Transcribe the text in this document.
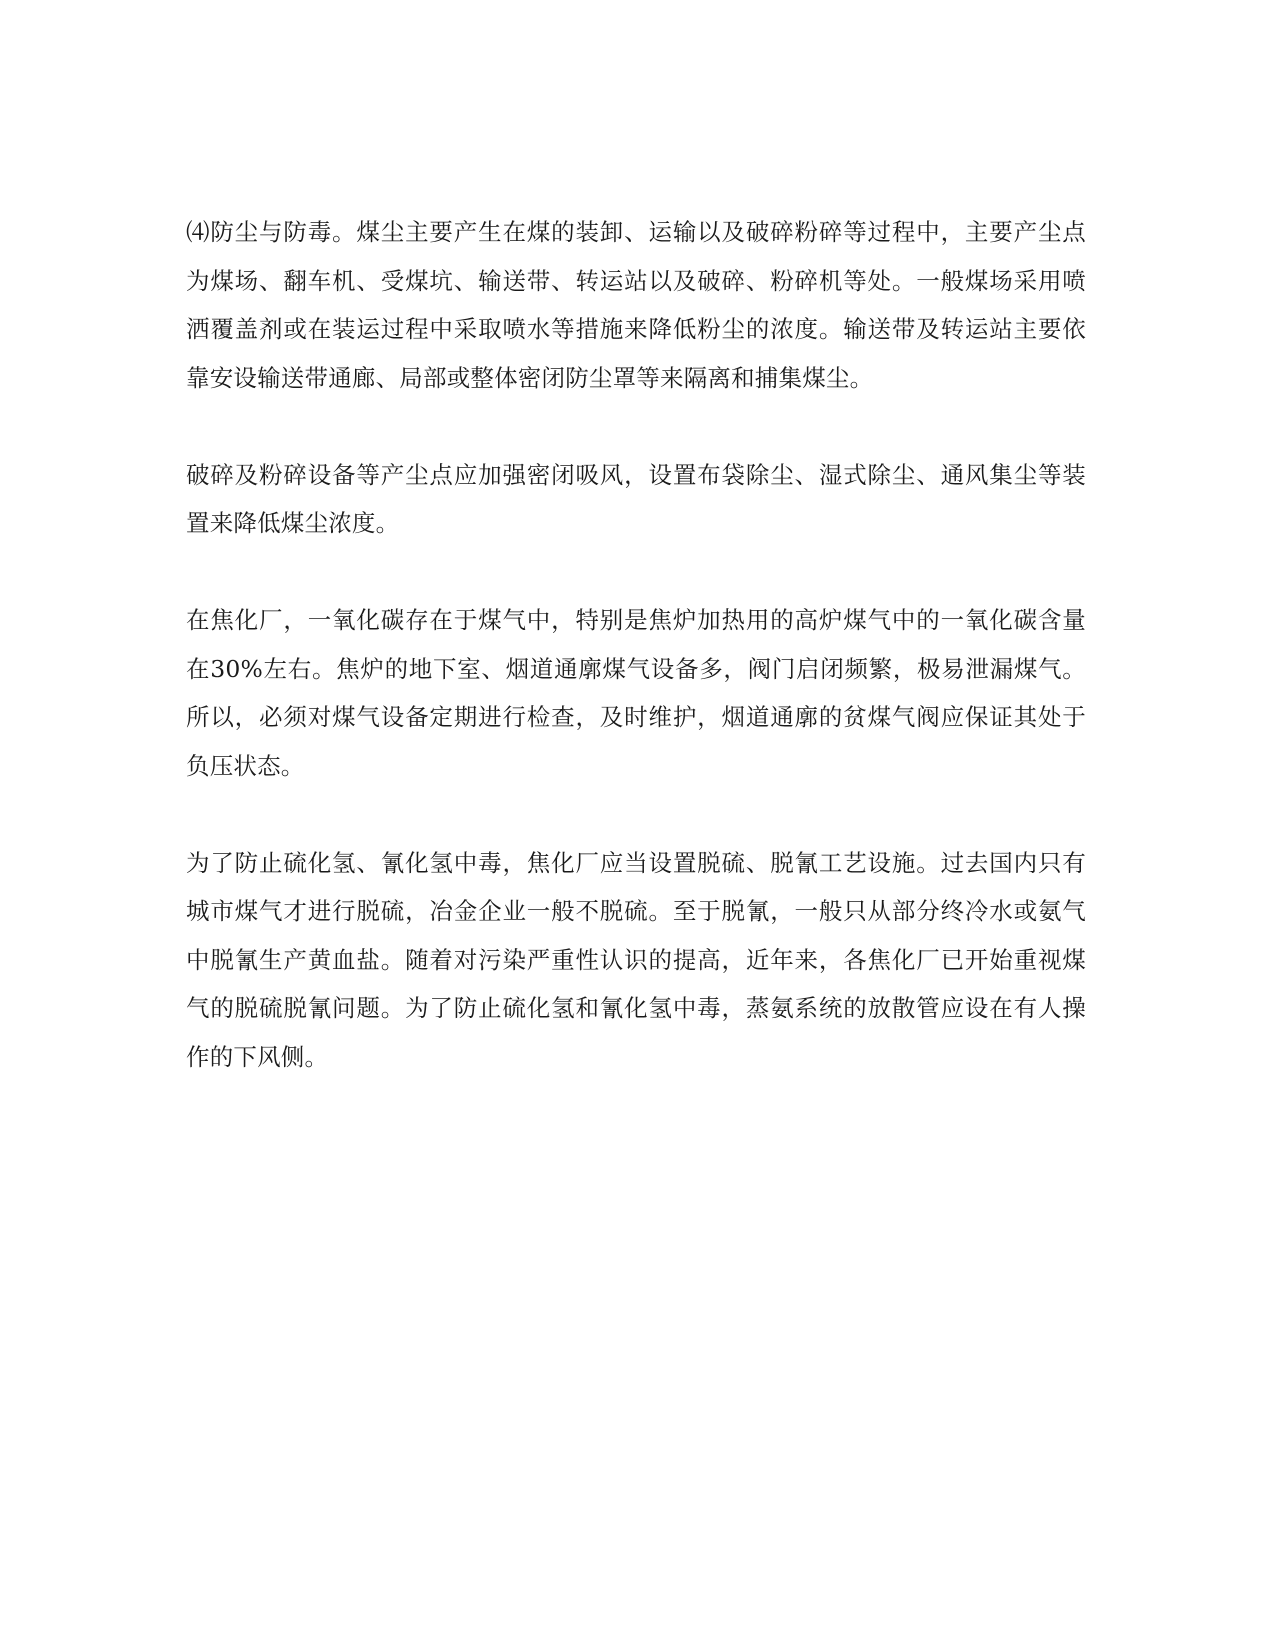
⑷防尘与防毒。煤尘主要产生在煤的装卸、运输以及破碎粉碎等过程中，主要产尘点为煤场、翻车机、受煤坑、输送带、转运站以及破碎、粉碎机等处。一般煤场采用喷洒覆盖剂或在装运过程中采取喷水等措施来降低粉尘的浓度。输送带及转运站主要依靠安设输送带通廊、局部或整体密闭防尘罩等来隔离和捕集煤尘。

破碎及粉碎设备等产尘点应加强密闭吸风，设置布袋除尘、湿式除尘、通风集尘等装置来降低煤尘浓度。

在焦化厂，一氧化碳存在于煤气中，特别是焦炉加热用的高炉煤气中的一氧化碳含量在30%左右。焦炉的地下室、烟道通廓煤气设备多，阀门启闭频繁，极易泄漏煤气。所以，必须对煤气设备定期进行检查，及时维护，烟道通廓的贫煤气阀应保证其处于负压状态。

为了防止硫化氢、氰化氢中毒，焦化厂应当设置脱硫、脱氰工艺设施。过去国内只有城市煤气才进行脱硫，冶金企业一般不脱硫。至于脱氰，一般只从部分终冷水或氨气中脱氰生产黄血盐。随着对污染严重性认识的提高，近年来，各焦化厂已开始重视煤气的脱硫脱氰问题。为了防止硫化氢和氰化氢中毒，蒸氨系统的放散管应设在有人操作的下风侧。
